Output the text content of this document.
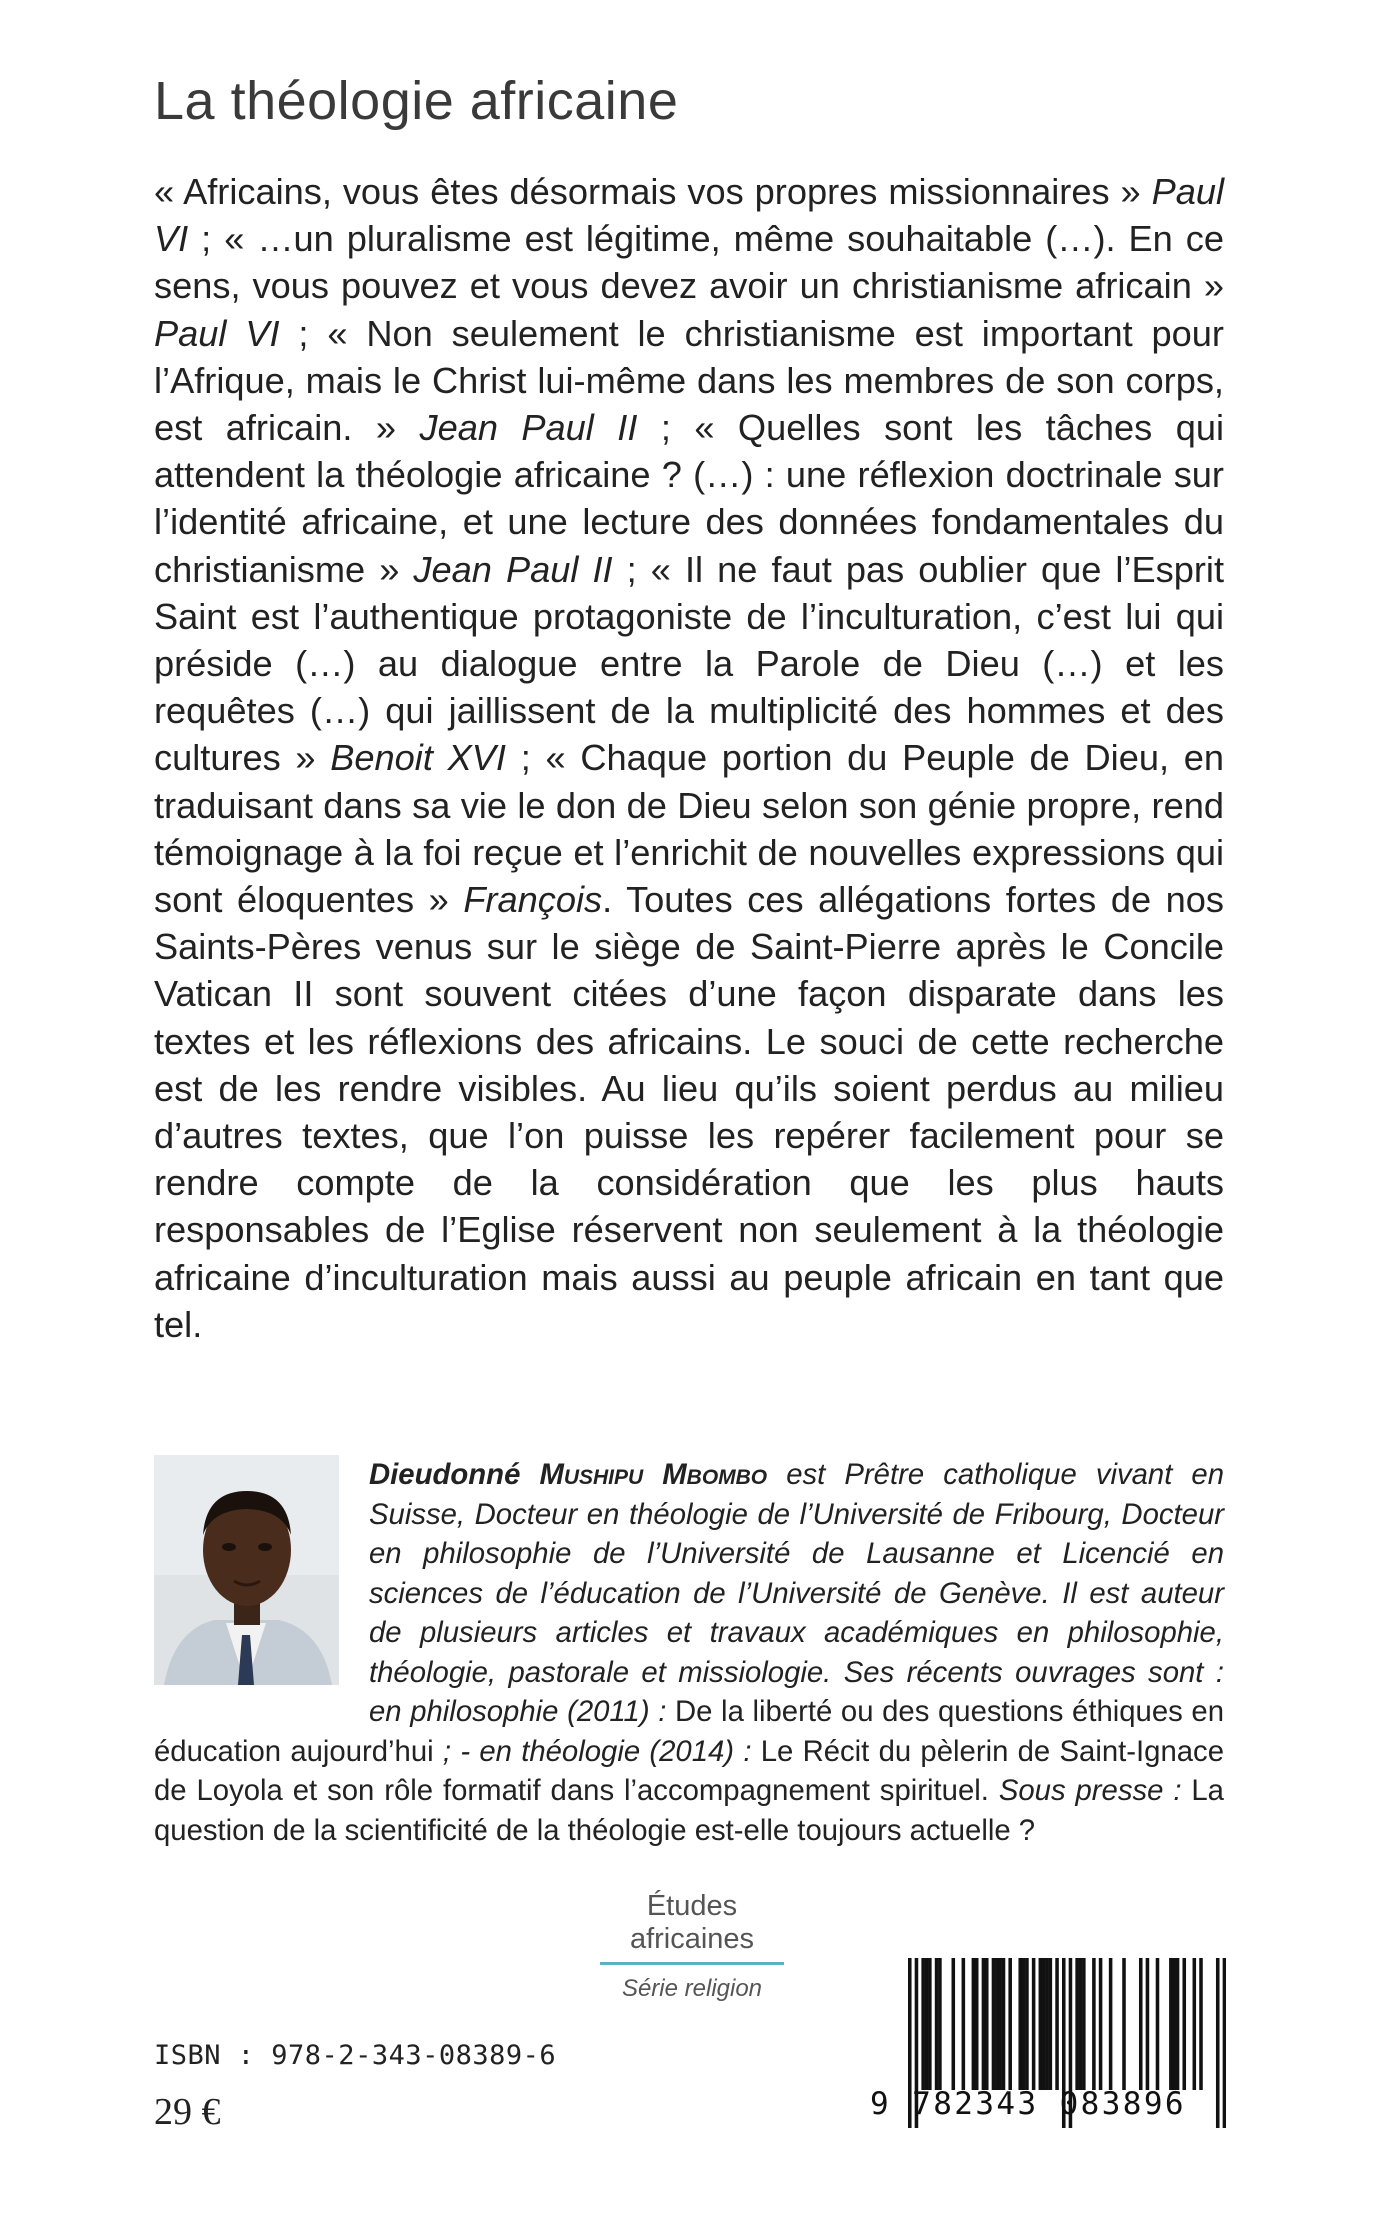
La théologie africaine

« Africains, vous êtes désormais vos propres missionnaires » Paul VI ; « …un pluralisme est légitime, même souhaitable (…). En ce sens, vous pouvez et vous devez avoir un christianisme africain » Paul VI ; « Non seulement le christianisme est important pour l’Afrique, mais le Christ lui-même dans les membres de son corps, est africain. » Jean Paul II ; « Quelles sont les tâches qui attendent la théologie africaine ? (…) : une réflexion doctrinale sur l’identité africaine, et une lecture des données fondamentales du christianisme » Jean Paul II ; « Il ne faut pas oublier que l’Esprit Saint est l’authentique protagoniste de l’inculturation, c’est lui qui préside (…) au dialogue entre la Parole de Dieu (…) et les requêtes (…) qui jaillissent de la multiplicité des hommes et des cultures » Benoit XVI ; « Chaque portion du Peuple de Dieu, en traduisant dans sa vie le don de Dieu selon son génie propre, rend témoignage à la foi reçue et l’enrichit de nouvelles expressions qui sont éloquentes » François. Toutes ces allégations fortes de nos Saints-Pères venus sur le siège de Saint-Pierre après le Concile Vatican II sont souvent citées d’une façon disparate dans les textes et les réflexions des africains. Le souci de cette recherche est de les rendre visibles. Au lieu qu’ils soient perdus au milieu d’autres textes, que l’on puisse les repérer facilement pour se rendre compte de la considération que les plus hauts responsables de l’Eglise réservent non seulement à la théologie africaine d’inculturation mais aussi au peuple africain en tant que tel.

Dieudonné Mushipu Mbombo est Prêtre catholique vivant en Suisse, Docteur en théologie de l’Université de Fribourg, Docteur en philosophie de l’Université de Lausanne et Licencié en sciences de l’éducation de l’Université de Genève. Il est auteur de plusieurs articles et travaux académiques en philosophie, théologie, pastorale et missiologie. Ses récents ouvrages sont : en philosophie (2011) : De la liberté ou des questions éthiques en éducation aujourd’hui ; - en théologie (2014) : Le Récit du pèlerin de Saint-Ignace de Loyola et son rôle formatif dans l’accompagnement spirituel. Sous presse : La question de la scientificité de la théologie est-elle toujours actuelle ?

Études africaines
Série religion
ISBN : 978-2-343-08389-6
29 €	9 782343 083896
